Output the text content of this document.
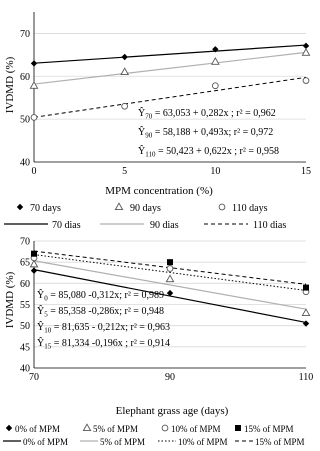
40
50
60
70
0	5	10	15
IVDMD (%)
MPM concentration (%)
$Ŷ_{70} = 63,053 + 0,282x$ ; r² = 0,962
$Ŷ_{90} = 58,188 + 0,493x$; r² = 0,972
$Ŷ_{110} = 50,423 + 0,622x$ ; r² = 0,958
70 days	90 days	110 days
70 dias	90 dias	110 dias
40
45
50
55
60
65
70
70	90	110
IVDMD (%)
Elephant grass age (days)
$Ŷ_0 = 85,080$ -0,312x; r² = 0,989
$Ŷ_5 = 85,358$ -0,286x; r² = 0,948
$Ŷ_{10} = 81,635 - 0,212x$; r² = 0,963
$Ŷ_{15} = 81,334$ -0,196x ; r² = 0,914
0% of MPM	5% of MPM	10% of MPM	15% of MPM
0% of MPM	5% of MPM	10% of MPM	15% of MPM
